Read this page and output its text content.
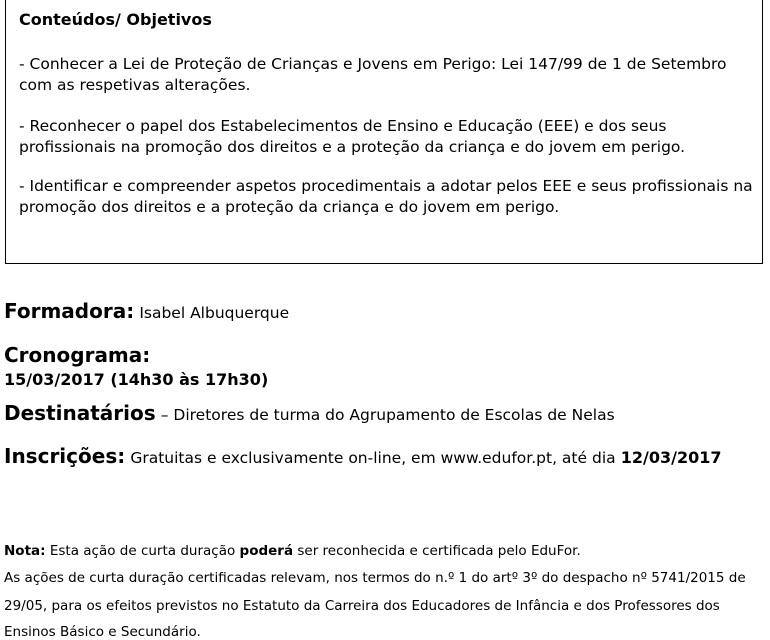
Conteúdos/ Objetivos
- Conhecer a Lei de Proteção de Crianças e Jovens em Perigo: Lei 147/99 de 1 de Setembro com as respetivas alterações.
- Reconhecer o papel dos Estabelecimentos de Ensino e Educação (EEE) e dos seus profissionais na promoção dos direitos e a proteção da criança e do jovem em perigo.
- Identificar e compreender aspetos procedimentais a adotar pelos EEE e seus profissionais na promoção dos direitos e a proteção da criança e do jovem em perigo.
Formadora: Isabel Albuquerque
Cronograma:
15/03/2017 (14h30 às 17h30)
Destinatários – Diretores de turma do Agrupamento de Escolas de Nelas
Inscrições: Gratuitas e exclusivamente on-line, em www.edufor.pt, até dia 12/03/2017
Nota: Esta ação de curta duração poderá ser reconhecida e certificada pelo EduFor.
As ações de curta duração certificadas relevam, nos termos do n.º 1 do artº 3º do despacho nº 5741/2015 de
29/05, para os efeitos previstos no Estatuto da Carreira dos Educadores de Infância e dos Professores dos
Ensinos Básico e Secundário.
